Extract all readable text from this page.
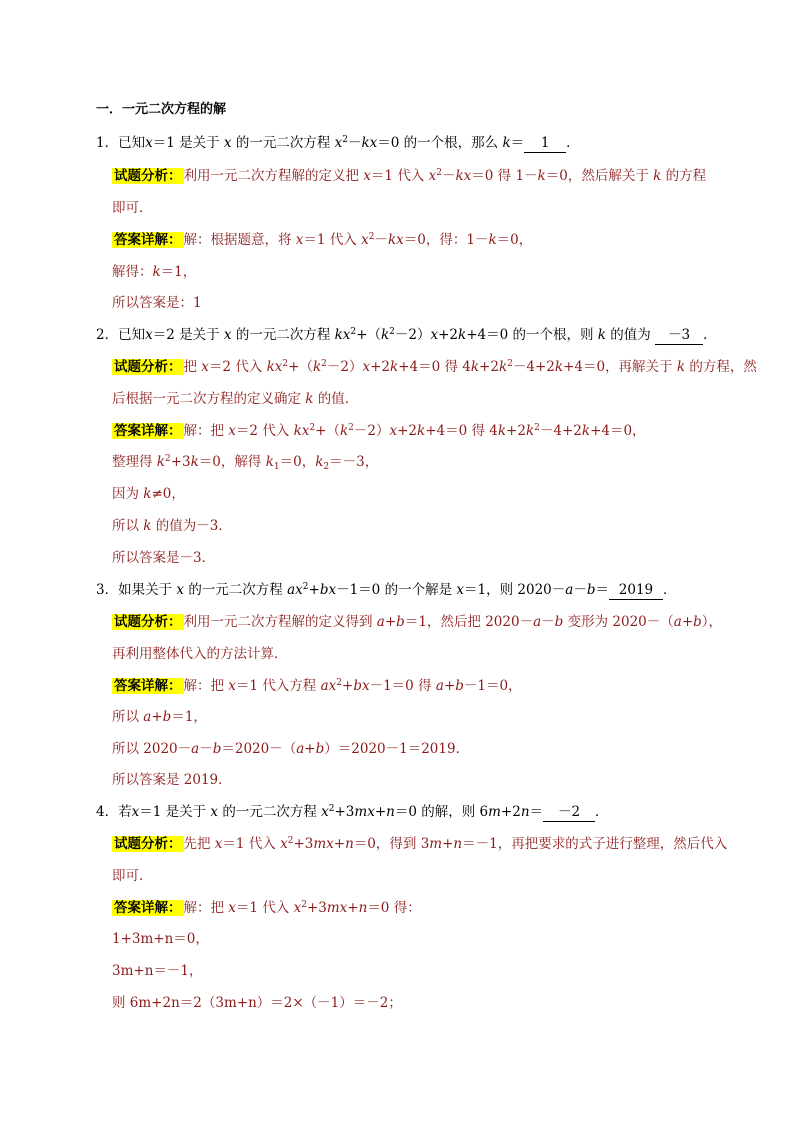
一．一元二次方程的解
1．已知x＝1 是关于 x 的一元二次方程 $x^2-kx=0$ 的一个根，那么 k＝ 1 ．
试题分析： 利用一元二次方程解的定义把 x＝1 代入 $x^2-kx=0$ 得 1－k＝0，然后解关于 k 的方程
即可．
答案详解： 解：根据题意，将 x＝1 代入 $x^2-kx=0$，得：1－k＝0，
解得：k＝1，
所以答案是：1
2．已知x＝2 是关于 x 的一元二次方程 $kx^2+(k^2-2)x+2k+4=0$ 的一个根，则 k 的值为 －3 ．
试题分析： 把 x＝2 代入 $kx^2+(k^2-2)x+2k+4=0$ 得 $4k+2k^2-4+2k+4=0$，再解关于 k 的方程，然
后根据一元二次方程的定义确定 k 的值．
答案详解： 解：把 x＝2 代入 $kx^2+(k^2-2)x+2k+4=0$ 得 $4k+2k^2-4+2k+4=0$，
整理得 $k^2+3k=0$，解得 $k_1=0$，$k_2=-3$，
因为 k≠0，
所以 k 的值为－3．
所以答案是－3．
3．如果关于 x 的一元二次方程 $ax^2+bx-1=0$ 的一个解是 x＝1，则 2020－a－b＝ 2019 ．
试题分析： 利用一元二次方程解的定义得到 a+b＝1，然后把 2020－a－b 变形为 2020－（a+b），
再利用整体代入的方法计算．
答案详解： 解：把 x＝1 代入方程 $ax^2+bx-1=0$ 得 a+b－1＝0，
所以 a+b＝1，
所以 2020－a－b＝2020－（a+b）＝2020－1＝2019．
所以答案是 2019．
4．若x＝1 是关于 x 的一元二次方程 $x^2+3mx+n=0$ 的解，则 6m+2n＝ －2 ．
试题分析： 先把 x＝1 代入 $x^2+3mx+n=0$，得到 3m+n＝－1，再把要求的式子进行整理，然后代入
即可．
答案详解： 解：把 x＝1 代入 $x^2+3mx+n=0$ 得：
1+3m+n＝0，
3m+n＝－1，
则 6m+2n＝2（3m+n）＝2×（－1）＝－2；
